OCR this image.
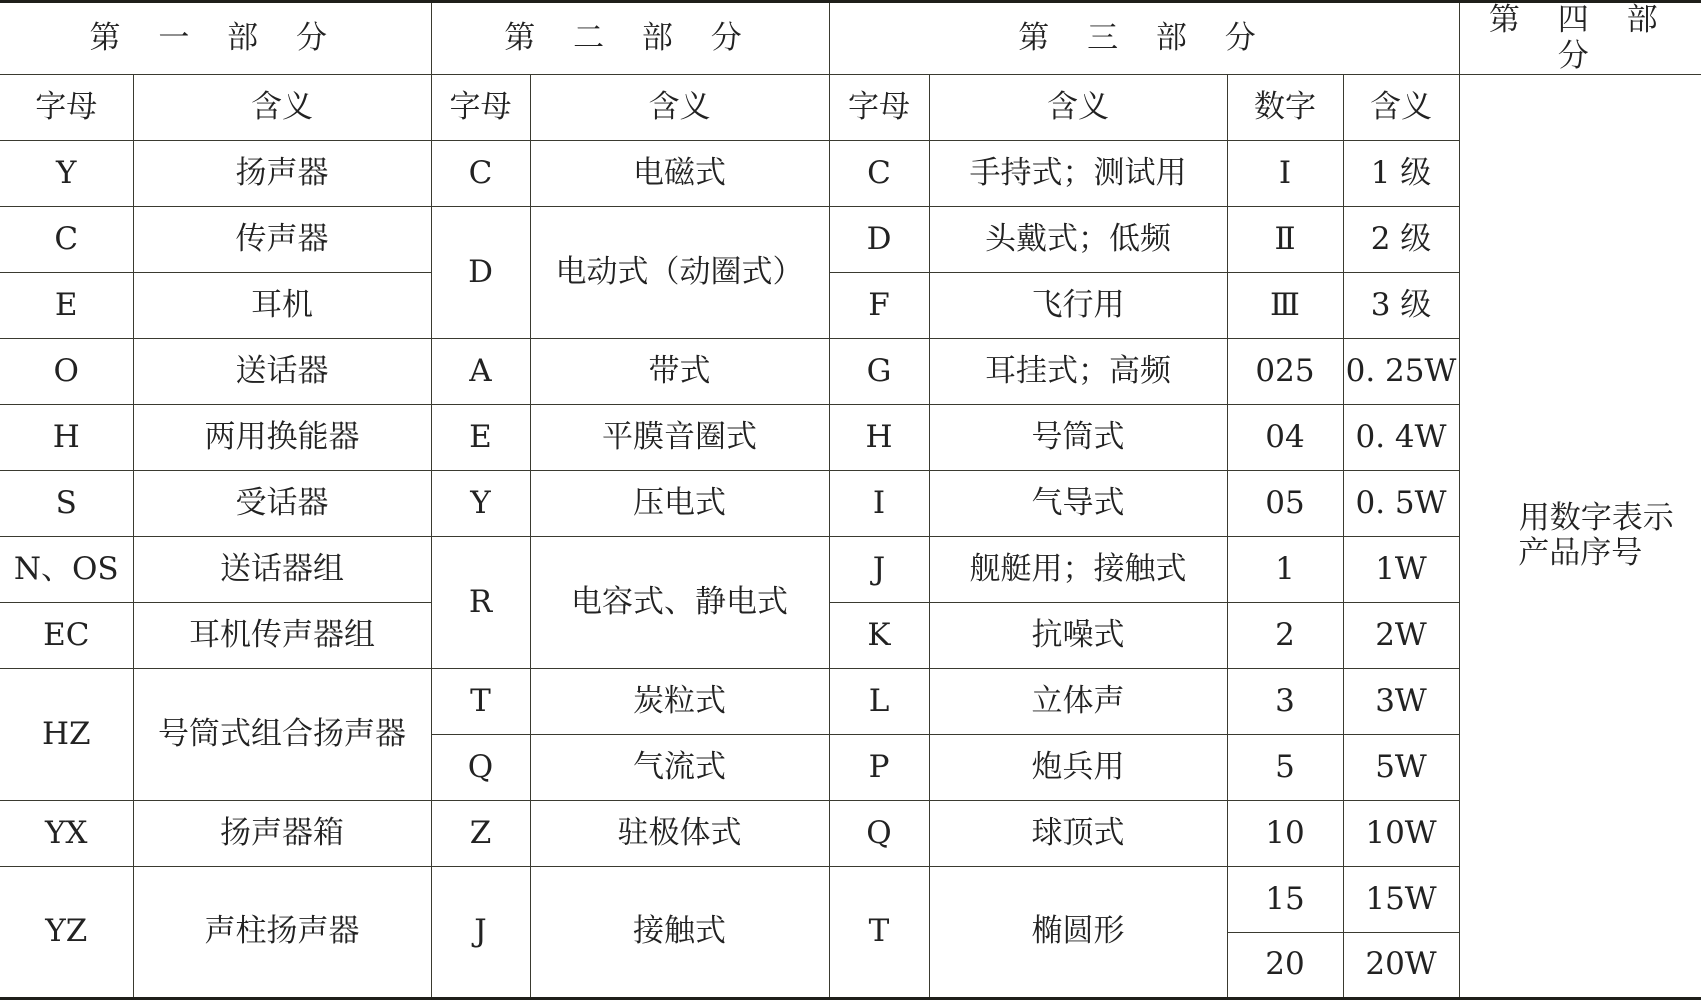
第 一 部 分		第 二 部 分		第 三 部 分				第 四 部 分
字母	含义	字母	含义	字母	含义	数字	含义	用数字表示
产品序号

Y	扬声器	C	电磁式	C	手持式；测试用	Ⅰ	1 级	
C	传声器	D	电动式（动圈式）	D	头戴式；低频	Ⅱ	2 级	
E	耳机			F	飞行用	Ⅲ	3 级	
O	送话器	A	带式	G	耳挂式；高频	025	0. 25W	
H	两用换能器	E	平膜音圈式	H	号筒式	04	0. 4W	
S	受话器	Y	压电式	I	气导式	05	0. 5W	
N、OS	送话器组	R	电容式、静电式	J	舰艇用；接触式	1	1W	
EC	耳机传声器组			K	抗噪式	2	2W	
HZ	号筒式组合扬声器	T	炭粒式	L	立体声	3	3W	
		Q	气流式	P	炮兵用	5	5W	
YX	扬声器箱	Z	驻极体式	Q	球顶式	10	10W	
YZ	声柱扬声器	J	接触式	T	椭圆形	15	15W	
						20	20W	
